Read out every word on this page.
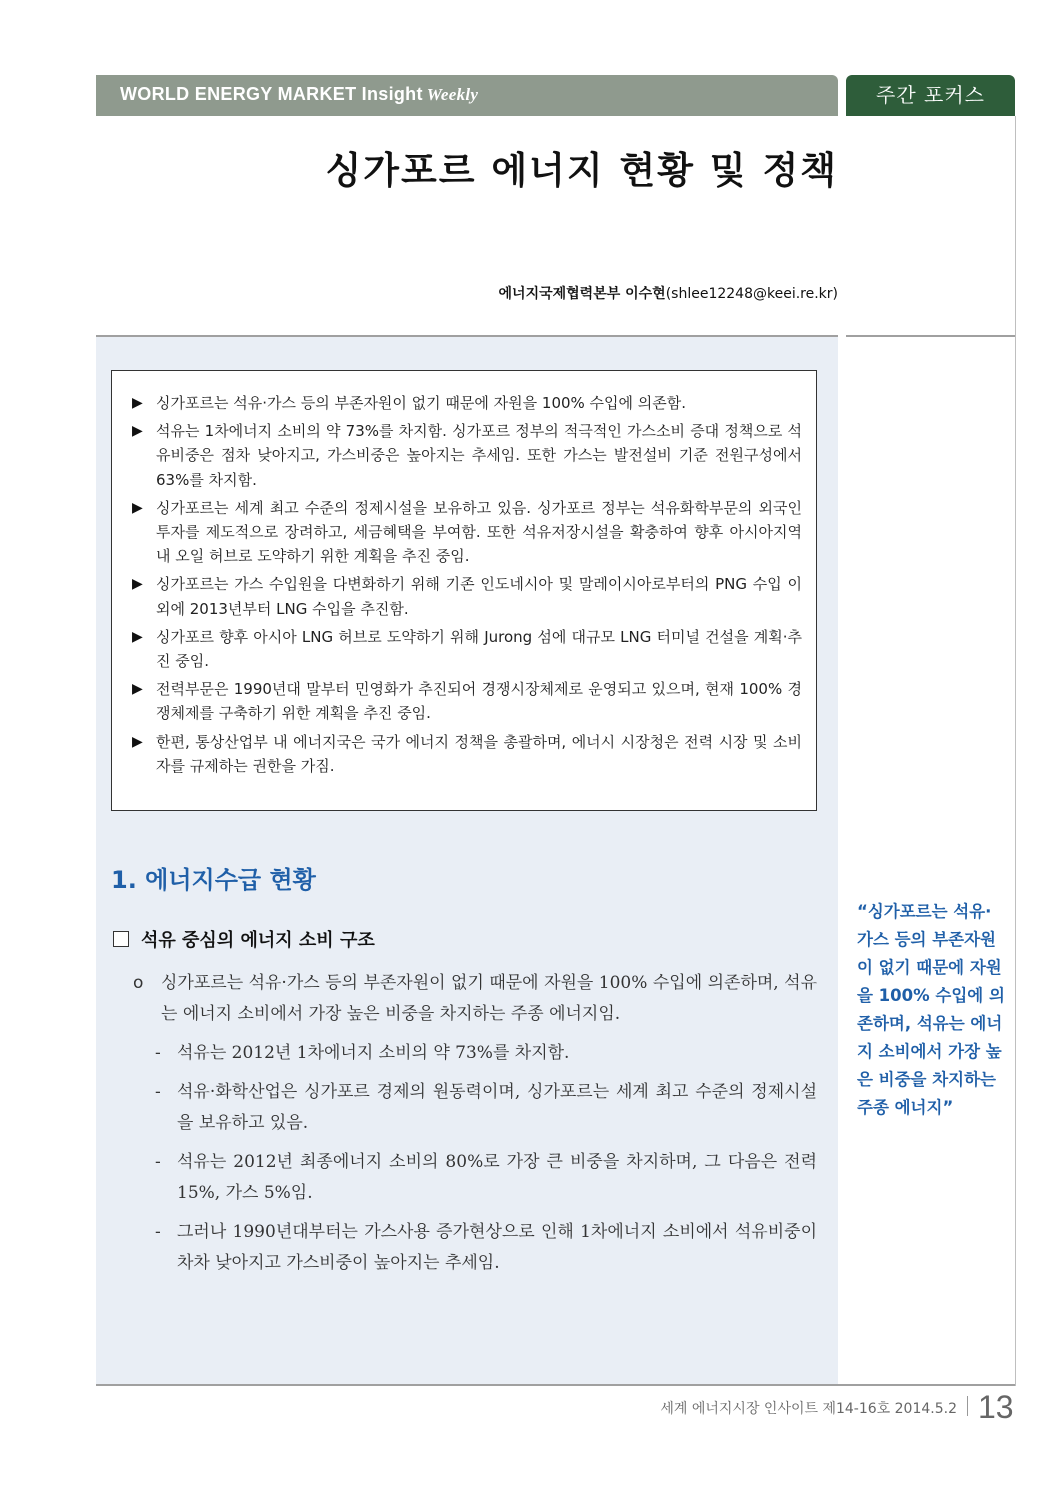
WORLD ENERGY MARKET Insight Weekly	주간 포커스
싱가포르 에너지 현황 및 정책
에너지국제협력본부 이수현(shlee12248@keei.re.kr)
▶ 싱가포르는 석유·가스 등의 부존자원이 없기 때문에 자원을 100% 수입에 의존함.
▶ 석유는 1차에너지 소비의 약 73%를 차지함. 싱가포르 정부의 적극적인 가스소비 증대 정책으로 석유비중은 점차 낮아지고, 가스비중은 높아지는 추세임. 또한 가스는 발전설비 기준 전원구성에서 63%를 차지함.
▶ 싱가포르는 세계 최고 수준의 정제시설을 보유하고 있음. 싱가포르 정부는 석유화학부문의 외국인 투자를 제도적으로 장려하고, 세금혜택을 부여함. 또한 석유저장시설을 확충하여 향후 아시아지역 내 오일 허브로 도약하기 위한 계획을 추진 중임.
▶ 싱가포르는 가스 수입원을 다변화하기 위해 기존 인도네시아 및 말레이시아로부터의 PNG 수입 이외에 2013년부터 LNG 수입을 추진함.
▶ 싱가포르 향후 아시아 LNG 허브로 도약하기 위해 Jurong 섬에 대규모 LNG 터미널 건설을 계획·추진 중임.
▶ 전력부문은 1990년대 말부터 민영화가 추진되어 경쟁시장체제로 운영되고 있으며, 현재 100% 경쟁체제를 구축하기 위한 계획을 추진 중임.
▶ 한편, 통상산업부 내 에너지국은 국가 에너지 정책을 총괄하며, 에너시 시장청은 전력 시장 및 소비자를 규제하는 권한을 가짐.
1. 에너지수급 현황
석유 중심의 에너지 소비 구조
o 싱가포르는 석유·가스 등의 부존자원이 없기 때문에 자원을 100% 수입에 의존하며, 석유는 에너지 소비에서 가장 높은 비중을 차지하는 주종 에너지임.
- 석유는 2012년 1차에너지 소비의 약 73%를 차지함.
- 석유·화학산업은 싱가포르 경제의 원동력이며, 싱가포르는 세계 최고 수준의 정제시설을 보유하고 있음.
- 석유는 2012년 최종에너지 소비의 80%로 가장 큰 비중을 차지하며, 그 다음은 전력 15%, 가스 5%임.
- 그러나 1990년대부터는 가스사용 증가현상으로 인해 1차에너지 소비에서 석유비중이 차차 낮아지고 가스비중이 높아지는 추세임.
“싱가포르는 석유·가스 등의 부존자원이 없기 때문에 자원을 100% 수입에 의존하며, 석유는 에너지 소비에서 가장 높은 비중을 차지하는 주종 에너지”
세계 에너지시장 인사이트 제14-16호 2014.5.2 13
